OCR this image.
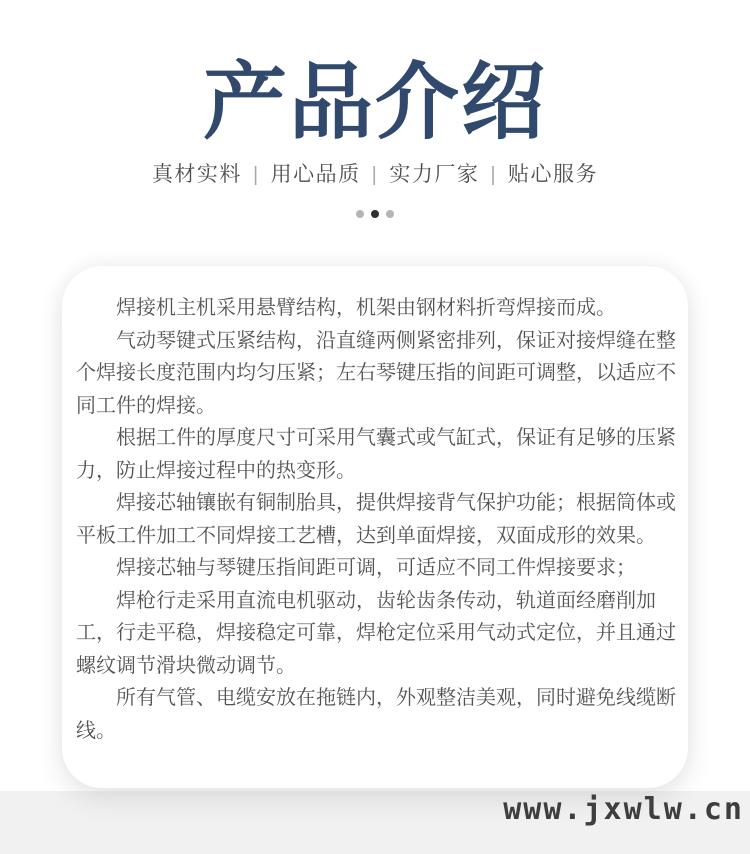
产品介绍
真材实料 | 用心品质 | 实力厂家 | 贴心服务

焊接机主机采用悬臂结构，机架由钢材料折弯焊接而成。

气动琴键式压紧结构，沿直缝两侧紧密排列，保证对接焊缝在整个焊接长度范围内均匀压紧；左右琴键压指的间距可调整，以适应不同工件的焊接。

根据工件的厚度尺寸可采用气囊式或气缸式，保证有足够的压紧力，防止焊接过程中的热变形。

焊接芯轴镶嵌有铜制胎具，提供焊接背气保护功能；根据筒体或平板工件加工不同焊接工艺槽，达到单面焊接，双面成形的效果。

焊接芯轴与琴键压指间距可调，可适应不同工件焊接要求；

焊枪行走采用直流电机驱动，齿轮齿条传动，轨道面经磨削加工，行走平稳，焊接稳定可靠，焊枪定位采用气动式定位，并且通过螺纹调节滑块微动调节。

所有气管、电缆安放在拖链内，外观整洁美观，同时避免线缆断线。

www.jxwlw.cn
